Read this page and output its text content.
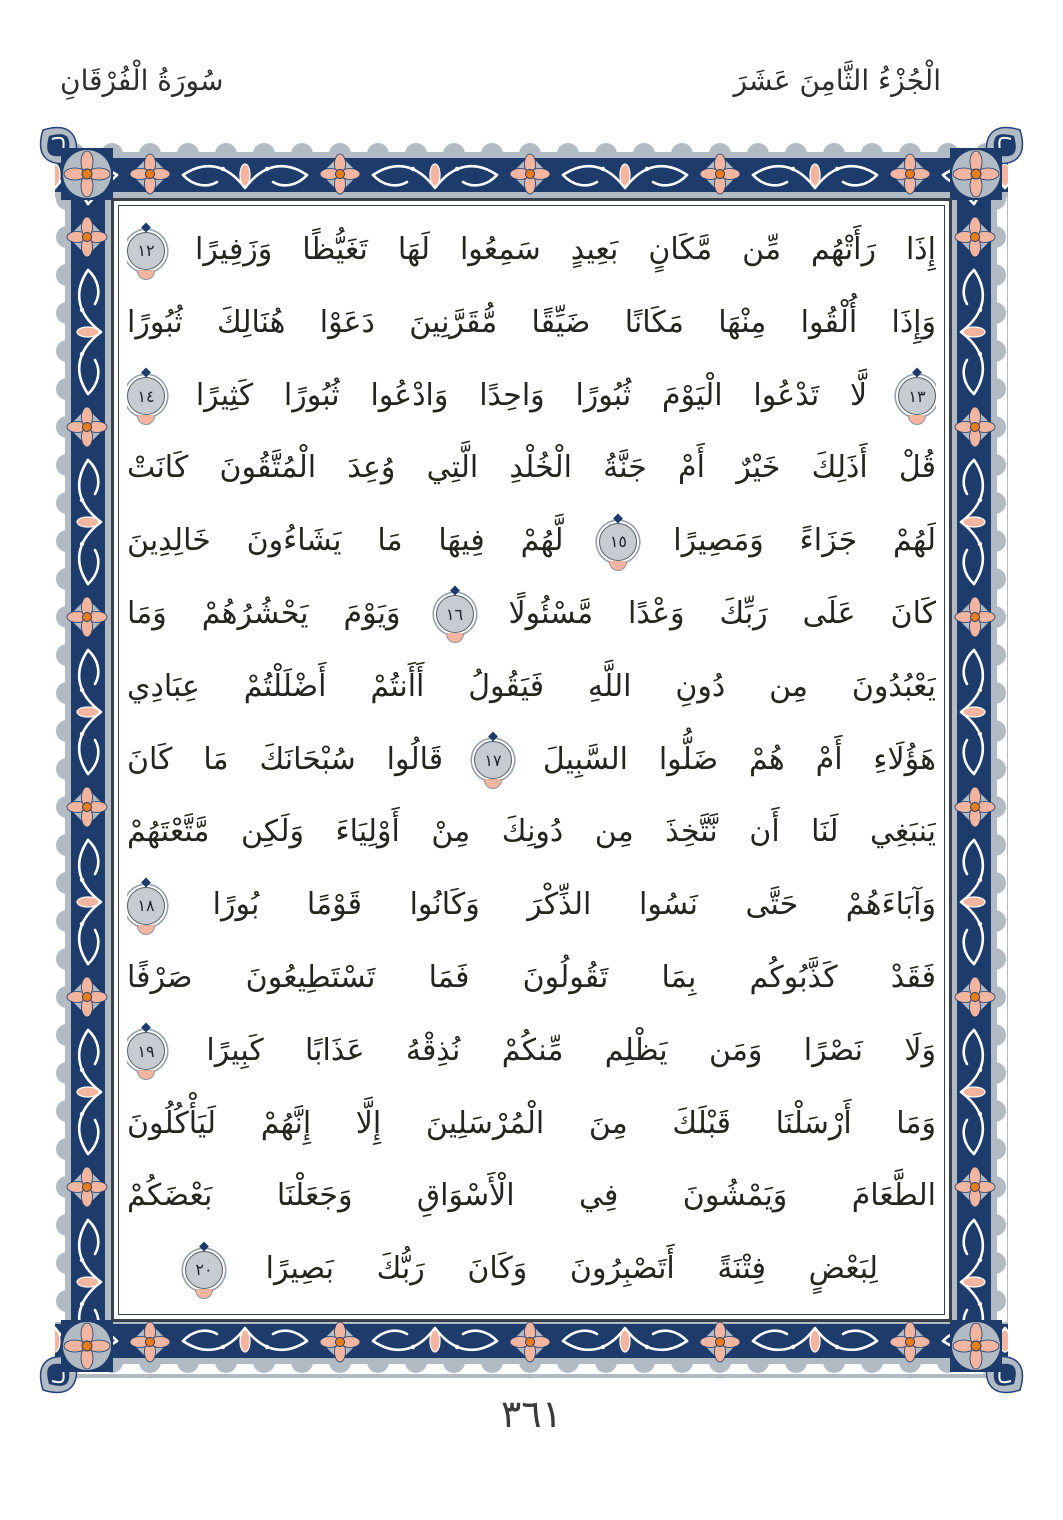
سُورَةُ الْفُرْقَانِ	الْجُزْءُ الثَّامِنَ عَشَرَ
إِذَا رَأَتْهُم مِّن مَّكَانٍ بَعِيدٍ سَمِعُوا لَهَا تَغَيُّظًا وَزَفِيرًا
١٢
وَإِذَا أُلْقُوا مِنْهَا مَكَانًا ضَيِّقًا مُّقَرَّنِينَ دَعَوْا هُنَالِكَ ثُبُورًا
١٣
لَّا تَدْعُوا الْيَوْمَ ثُبُورًا وَاحِدًا وَادْعُوا ثُبُورًا كَثِيرًا
١٤
قُلْ أَذَلِكَ خَيْرٌ أَمْ جَنَّةُ الْخُلْدِ الَّتِي وُعِدَ الْمُتَّقُونَ كَانَتْ
لَهُمْ جَزَاءً وَمَصِيرًا
١٥
لَّهُمْ فِيهَا مَا يَشَاءُونَ خَالِدِينَ
كَانَ عَلَى رَبِّكَ وَعْدًا مَّسْئُولًا
١٦
وَيَوْمَ يَحْشُرُهُمْ وَمَا
يَعْبُدُونَ مِن دُونِ اللَّهِ فَيَقُولُ أَأَنتُمْ أَضْلَلْتُمْ عِبَادِي
هَؤُلَاءِ أَمْ هُمْ ضَلُّوا السَّبِيلَ
١٧
قَالُوا سُبْحَانَكَ مَا كَانَ
يَنبَغِي لَنَا أَن نَّتَّخِذَ مِن دُونِكَ مِنْ أَوْلِيَاءَ وَلَكِن مَّتَّعْتَهُمْ
وَآبَاءَهُمْ حَتَّى نَسُوا الذِّكْرَ وَكَانُوا قَوْمًا بُورًا
١٨
فَقَدْ كَذَّبُوكُم بِمَا تَقُولُونَ فَمَا تَسْتَطِيعُونَ صَرْفًا
وَلَا نَصْرًا وَمَن يَظْلِم مِّنكُمْ نُذِقْهُ عَذَابًا كَبِيرًا
١٩
وَمَا أَرْسَلْنَا قَبْلَكَ مِنَ الْمُرْسَلِينَ إِلَّا إِنَّهُمْ لَيَأْكُلُونَ
الطَّعَامَ وَيَمْشُونَ فِي الْأَسْوَاقِ وَجَعَلْنَا بَعْضَكُمْ
لِبَعْضٍ فِتْنَةً أَتَصْبِرُونَ وَكَانَ رَبُّكَ بَصِيرًا
٢٠
٣٦١
